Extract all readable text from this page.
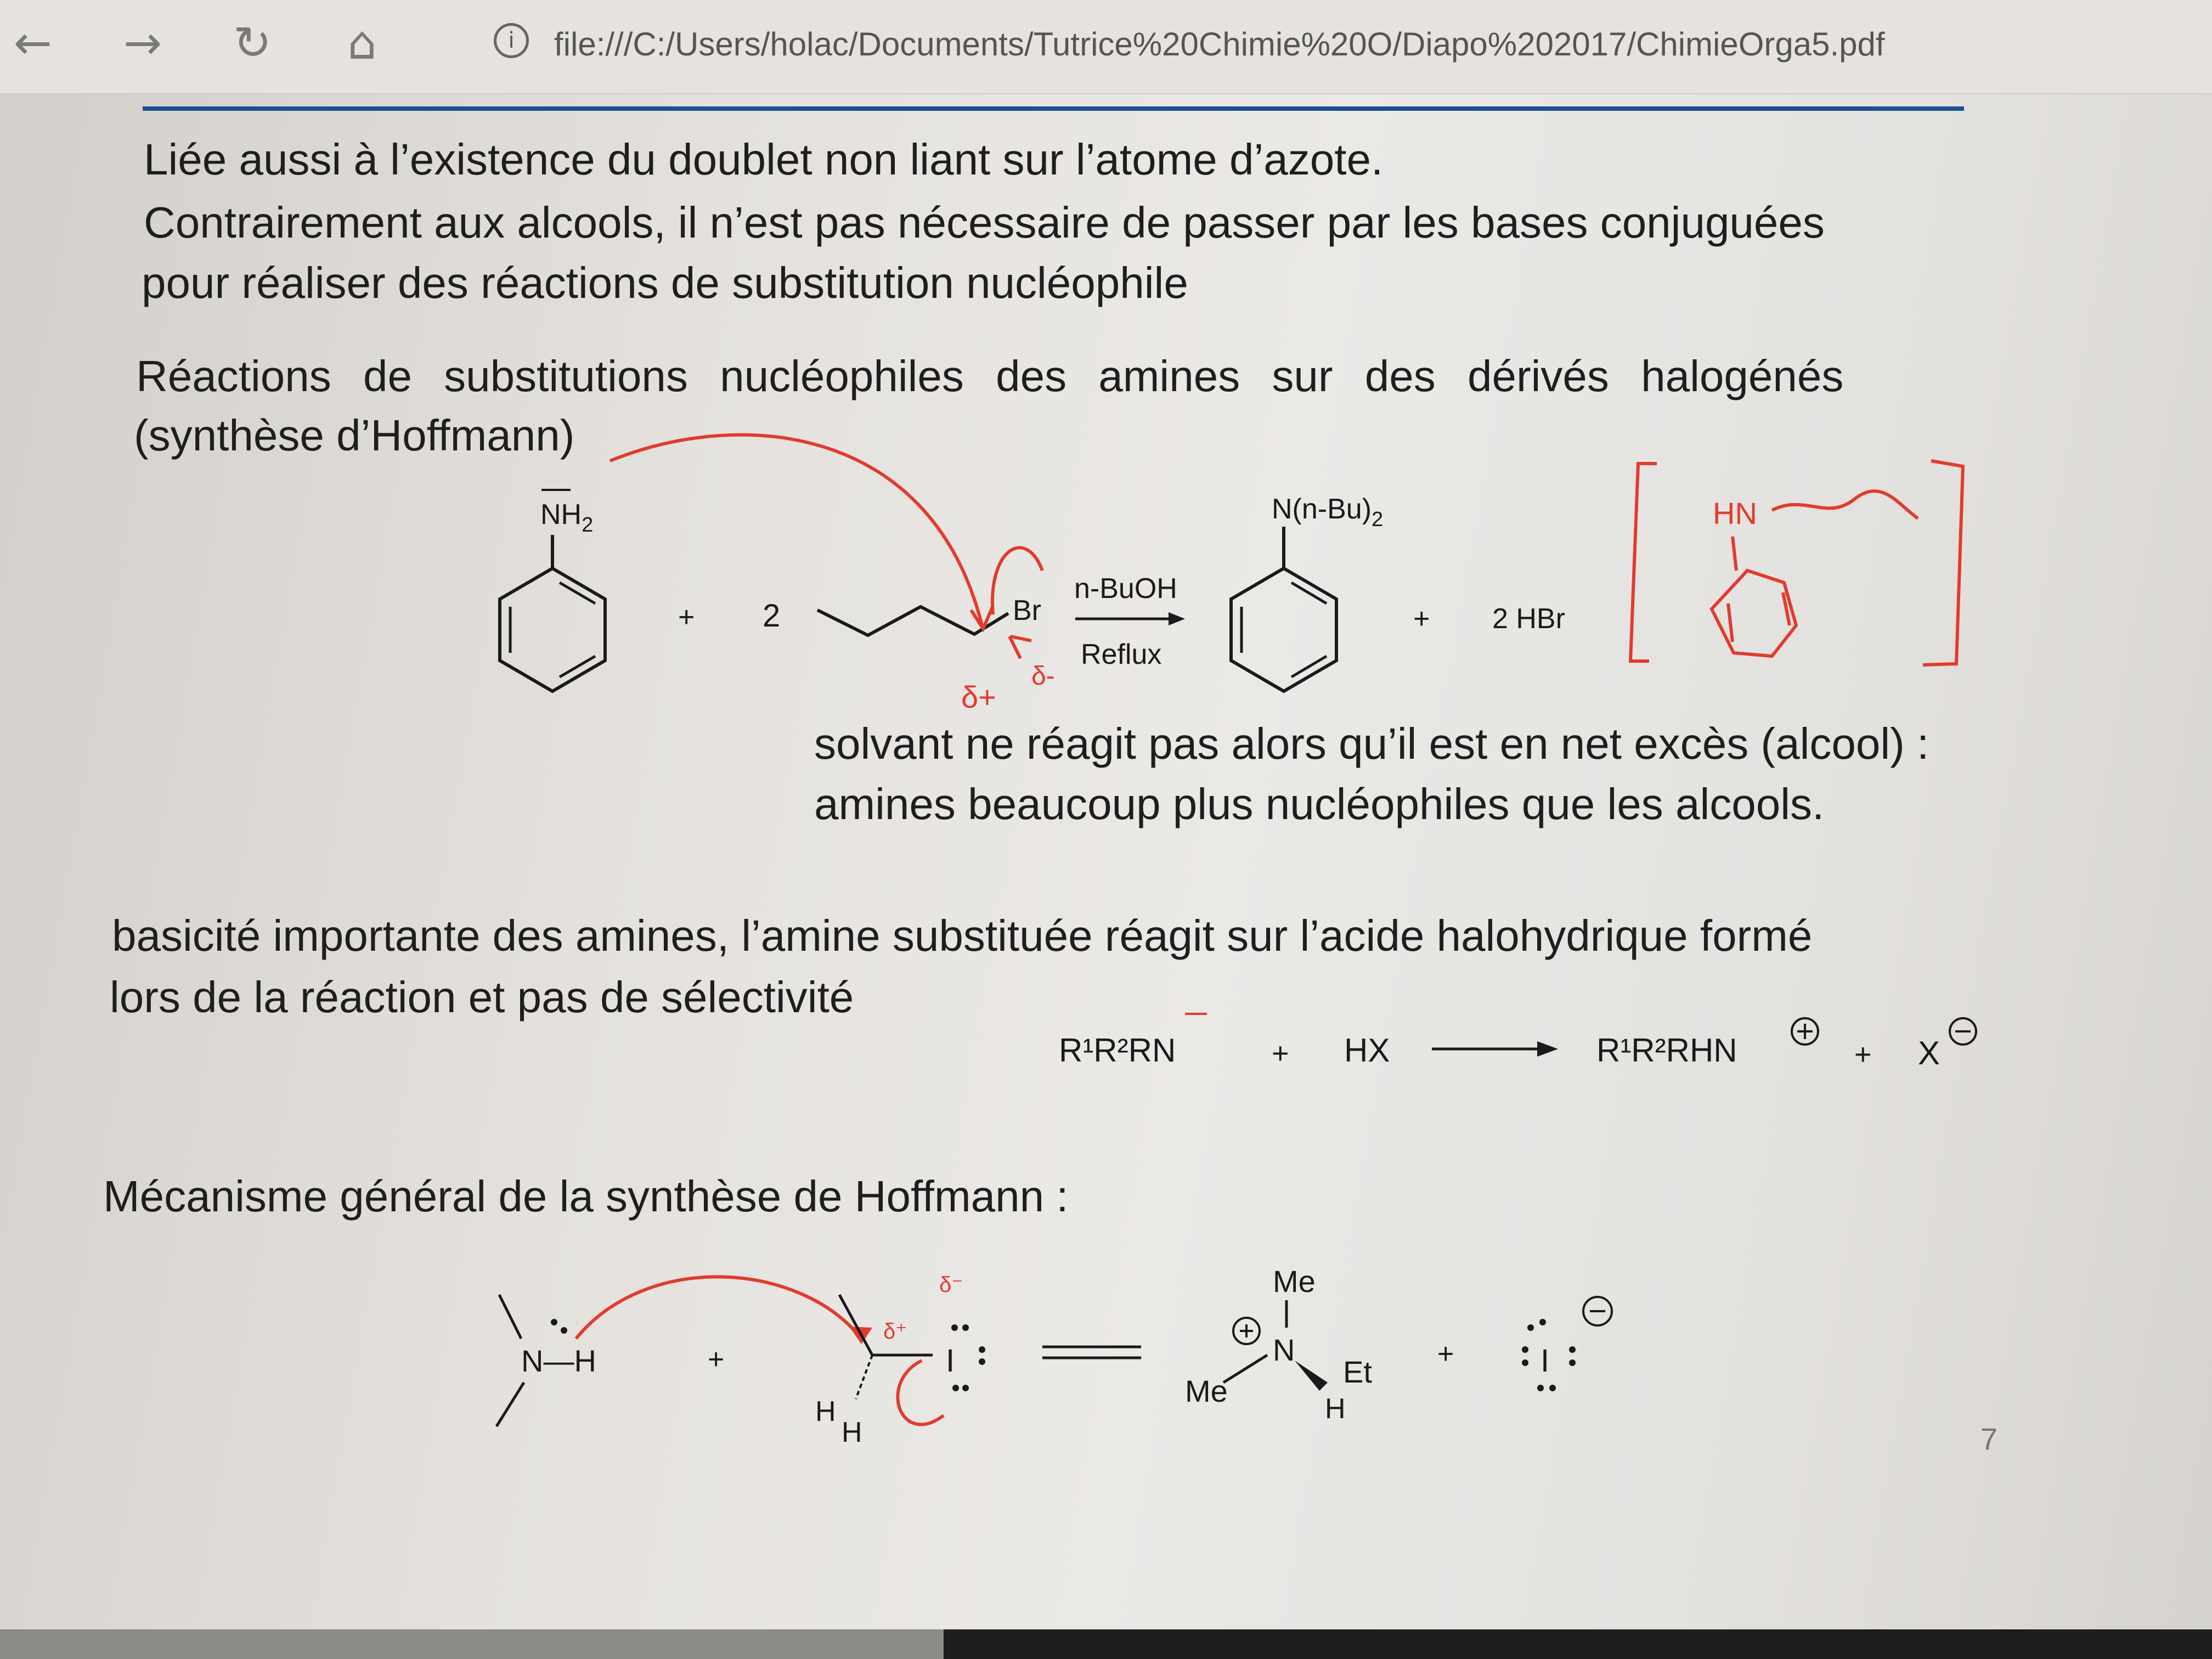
← → ↻ ⌂	i file:///C:/Users/holac/Documents/Tutrice%20Chimie%20O/Diapo%202017/ChimieOrga5.pdf
Liée aussi à l’existence du doublet non liant sur l’atome d’azote.
Contrairement aux alcools, il n’est pas nécessaire de passer par les bases conjuguées
pour réaliser des réactions de substitution nucléophile
Réactions de substitutions nucléophiles des amines sur des dérivés halogénés
(synthèse d’Hoffmann)
solvant ne réagit pas alors qu’il est en net excès (alcool) :
amines beaucoup plus nucléophiles que les alcools.
basicité importante des amines, l’amine substituée réagit sur l’acide halohydrique formé
lors de la réaction et pas de sélectivité
Mécanisme général de la synthèse de Hoffmann :
$NH_2$
+ 2	Br
n-BuOH
Reflux
$N(n-Bu)_2$
+ 2 HBr
δ+
δ-
HN
R¹R²RN	+ HX	R¹R²RHN	+ X
N—H	+
δ⁻
δ⁺
I
H
H
Me
N
Me
Et
H
+	I
7
